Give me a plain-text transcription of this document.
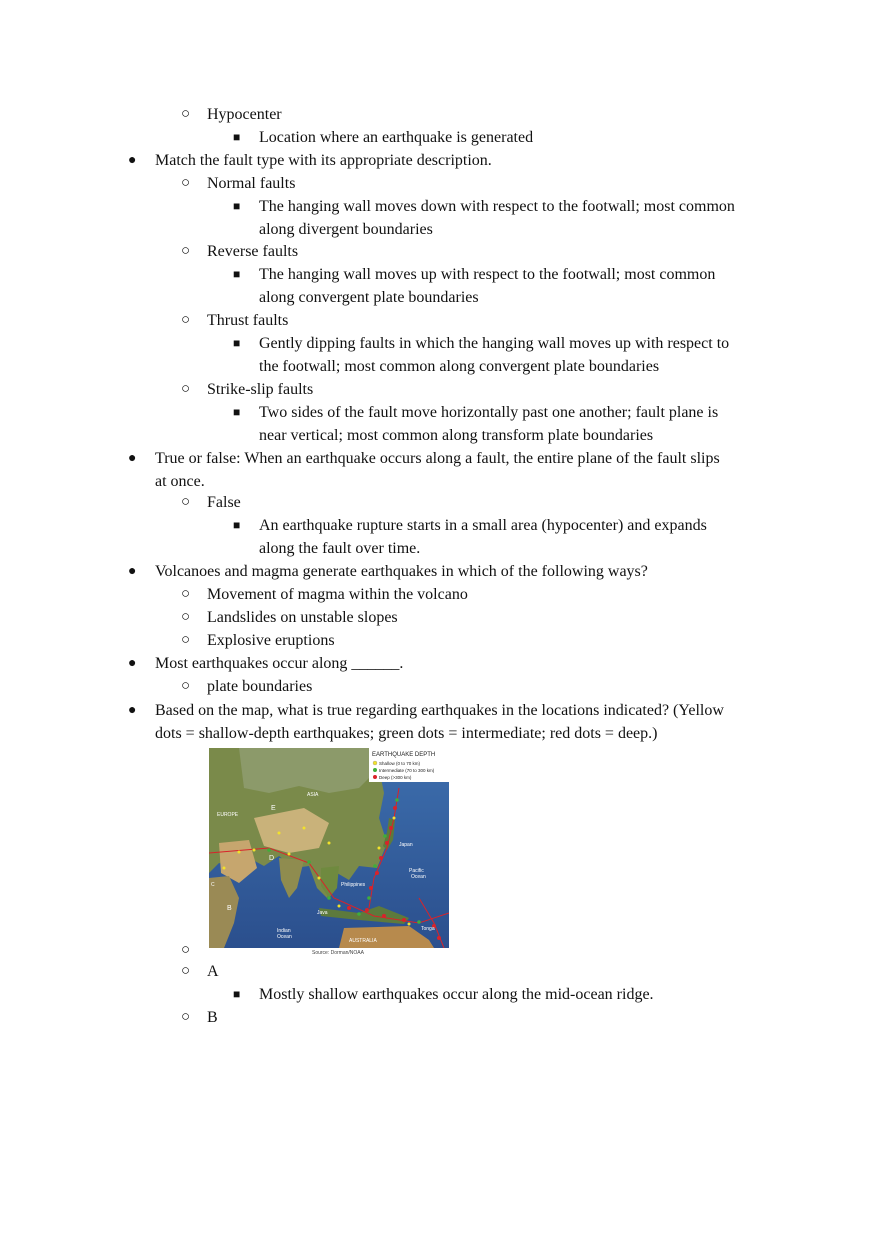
○ Hypocenter
■ Location where an earthquake is generated
● Match the fault type with its appropriate description.
○ Normal faults
■ The hanging wall moves down with respect to the footwall; most common
along divergent boundaries
○ Reverse faults
■ The hanging wall moves up with respect to the footwall; most common
along convergent plate boundaries
○ Thrust faults
■ Gently dipping faults in which the hanging wall moves up with respect to
the footwall; most common along convergent plate boundaries
○ Strike-slip faults
■ Two sides of the fault move horizontally past one another; fault plane is
near vertical; most common along transform plate boundaries
● True or false: When an earthquake occurs along a fault, the entire plane of the fault slips
at once.
○ False
■ An earthquake rupture starts in a small area (hypocenter) and expands
along the fault over time.
● Volcanoes and magma generate earthquakes in which of the following ways?
○ Movement of magma within the volcano
○ Landslides on unstable slopes
○ Explosive eruptions
● Most earthquakes occur along ______.
○ plate boundaries
● Based on the map, what is true regarding earthquakes in the locations indicated? (Yellow
dots = shallow-depth earthquakes; green dots = intermediate; red dots = deep.)
EARTHQUAKE DEPTH
Shallow (0 to 70 km)
Intermediate (70 to 300 km)
Deep (>300 km)
ASIA
EUROPE
Japan
Pacific
Ocean
Philippines
Java
Indian
Ocean
AUSTRALIA
Tonga
E
D
B
C
Source: Dorman/NOAA
○
○ A
■ Mostly shallow earthquakes occur along the mid-ocean ridge.
○ B
